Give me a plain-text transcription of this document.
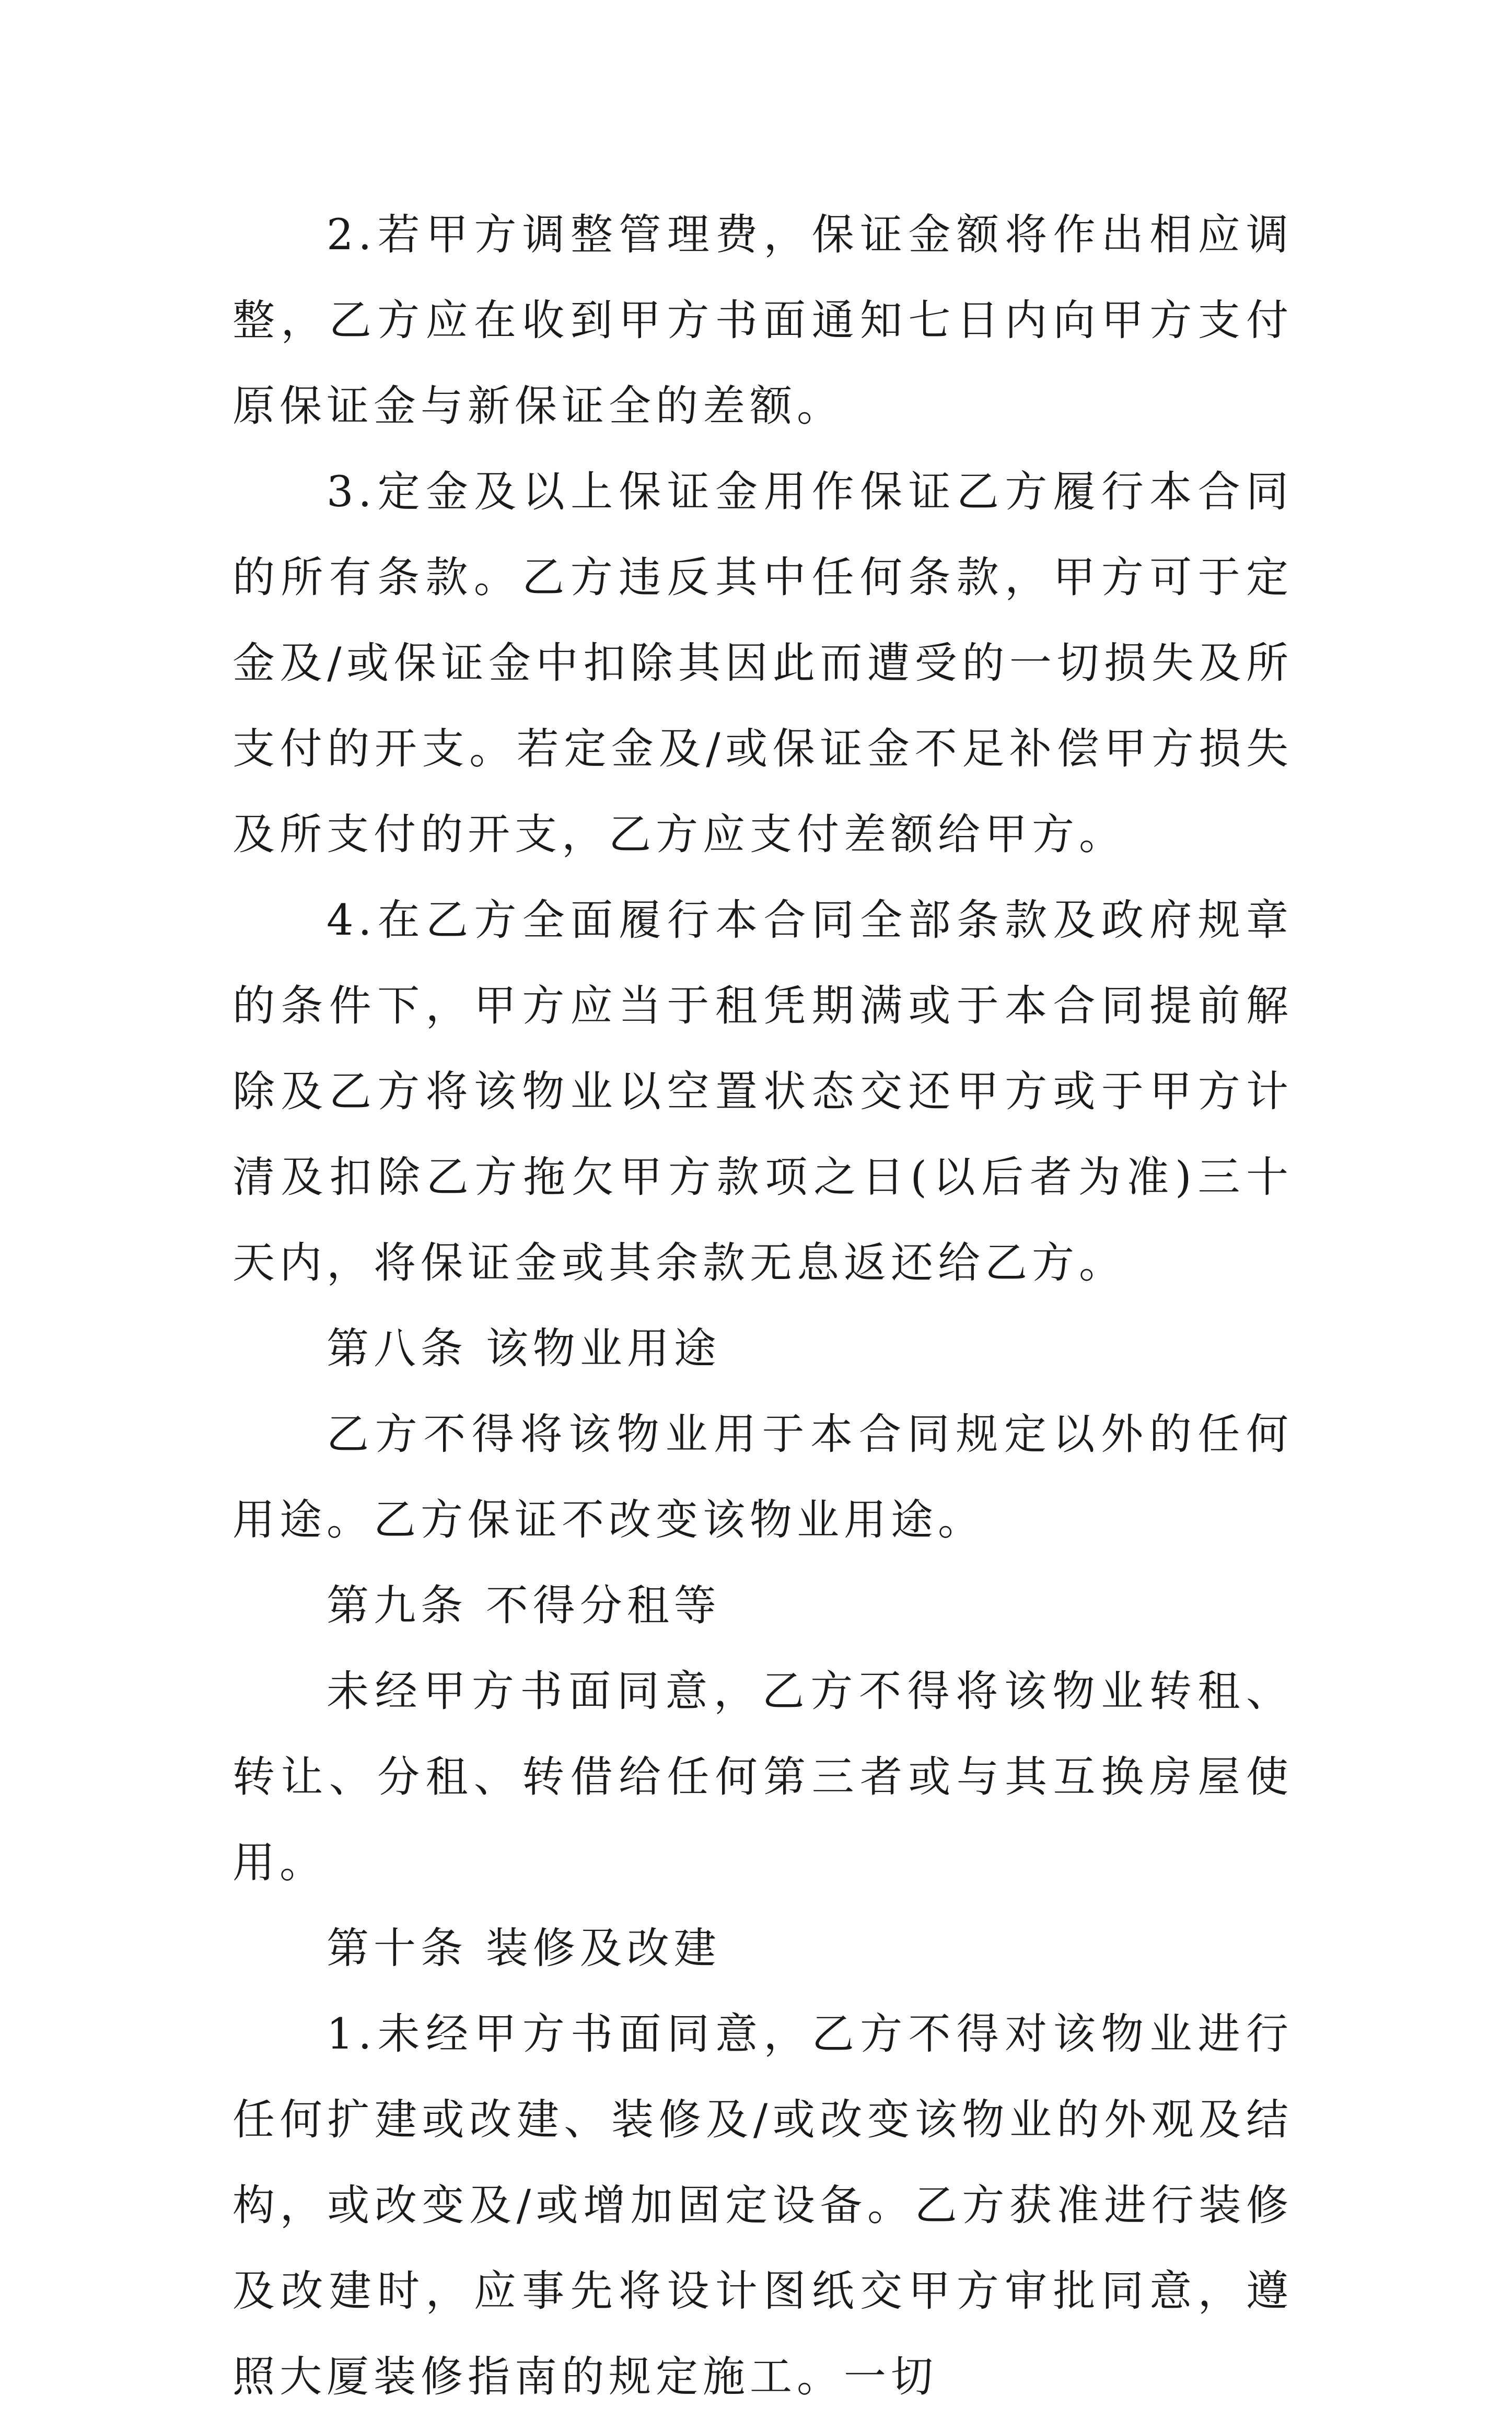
2.若甲方调整管理费，保证金额将作出相应调整，乙方应在收到甲方书面通知七日内向甲方支付原保证金与新保证全的差额。

3.定金及以上保证金用作保证乙方履行本合同的所有条款。乙方违反其中任何条款，甲方可于定金及/或保证金中扣除其因此而遭受的一切损失及所支付的开支。若定金及/或保证金不足补偿甲方损失及所支付的开支，乙方应支付差额给甲方。

4.在乙方全面履行本合同全部条款及政府规章的条件下，甲方应当于租凭期满或于本合同提前解除及乙方将该物业以空置状态交还甲方或于甲方计清及扣除乙方拖欠甲方款项之日(以后者为准)三十天内，将保证金或其余款无息返还给乙方。

第八条 该物业用途

乙方不得将该物业用于本合同规定以外的任何用途。乙方保证不改变该物业用途。

第九条 不得分租等

未经甲方书面同意，乙方不得将该物业转租、转让、分租、转借给任何第三者或与其互换房屋使用。

第十条 装修及改建

1.未经甲方书面同意，乙方不得对该物业进行任何扩建或改建、装修及/或改变该物业的外观及结构，或改变及/或增加固定设备。乙方获准进行装修及改建时，应事先将设计图纸交甲方审批同意，遵照大厦装修指南的规定施工。一切
